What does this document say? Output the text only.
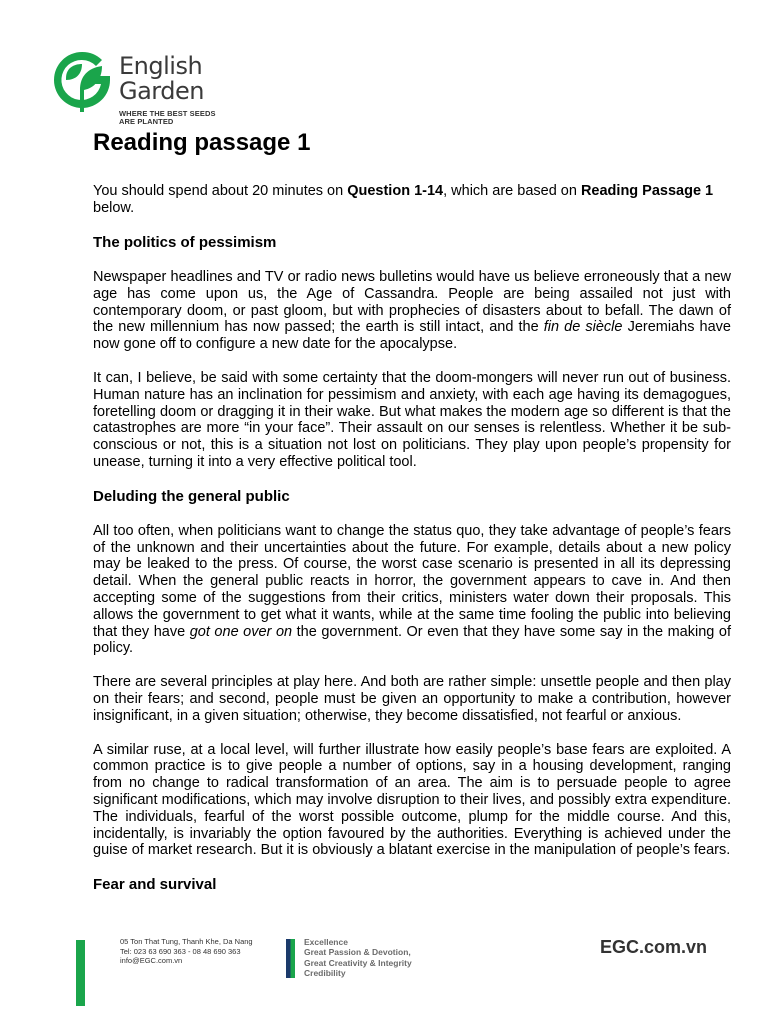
English
Garden
WHERE THE BEST SEEDS
ARE PLANTED
Reading passage 1

You should spend about 20 minutes on Question 1-14, which are based on Reading Passage 1 below.

The politics of pessimism

Newspaper headlines and TV or radio news bulletins would have us believe erroneously that a new age has come upon us, the Age of Cassandra. People are being assailed not just with contemporary doom, or past gloom, but with prophecies of disasters about to befall. The dawn of the new millennium has now passed; the earth is still intact, and the fin de siècle Jeremiahs have now gone off to configure a new date for the apocalypse.

It can, I believe, be said with some certainty that the doom-mongers will never run out of business. Human nature has an inclination for pessimism and anxiety, with each age having its demagogues, foretelling doom or dragging it in their wake. But what makes the modern age so different is that the catastrophes are more “in your face”. Their assault on our senses is relentless. Whether it be sub-conscious or not, this is a situation not lost on politicians. They play upon people’s propensity for unease, turning it into a very effective political tool.

Deluding the general public

All too often, when politicians want to change the status quo, they take advantage of people’s fears of the unknown and their uncertainties about the future. For example, details about a new policy may be leaked to the press. Of course, the worst case scenario is presented in all its depressing detail. When the general public reacts in horror, the government appears to cave in. And then accepting some of the suggestions from their critics, ministers water down their proposals. This allows the government to get what it wants, while at the same time fooling the public into believing that they have got one over on the government. Or even that they have some say in the making of policy.

There are several principles at play here. And both are rather simple: unsettle people and then play on their fears; and second, people must be given an opportunity to make a contribution, however insignificant, in a given situation; otherwise, they become dissatisfied, not fearful or anxious.

A similar ruse, at a local level, will further illustrate how easily people’s base fears are exploited. A common practice is to give people a number of options, say in a housing development, ranging from no change to radical transformation of an area. The aim is to persuade people to agree significant modifications, which may involve disruption to their lives, and possibly extra expenditure. The individuals, fearful of the worst possible outcome, plump for the middle course. And this, incidentally, is invariably the option favoured by the authorities. Everything is achieved under the guise of market research. But it is obviously a blatant exercise in the manipulation of people’s fears.

Fear and survival
05 Ton That Tung, Thanh Khe, Da Nang
Tel: 023 63 690 363 - 08 48 690 363
info@EGC.com.vn
Excellence
Great Passion & Devotion,
Great Creativity & Integrity
Credibility
EGC.com.vn
